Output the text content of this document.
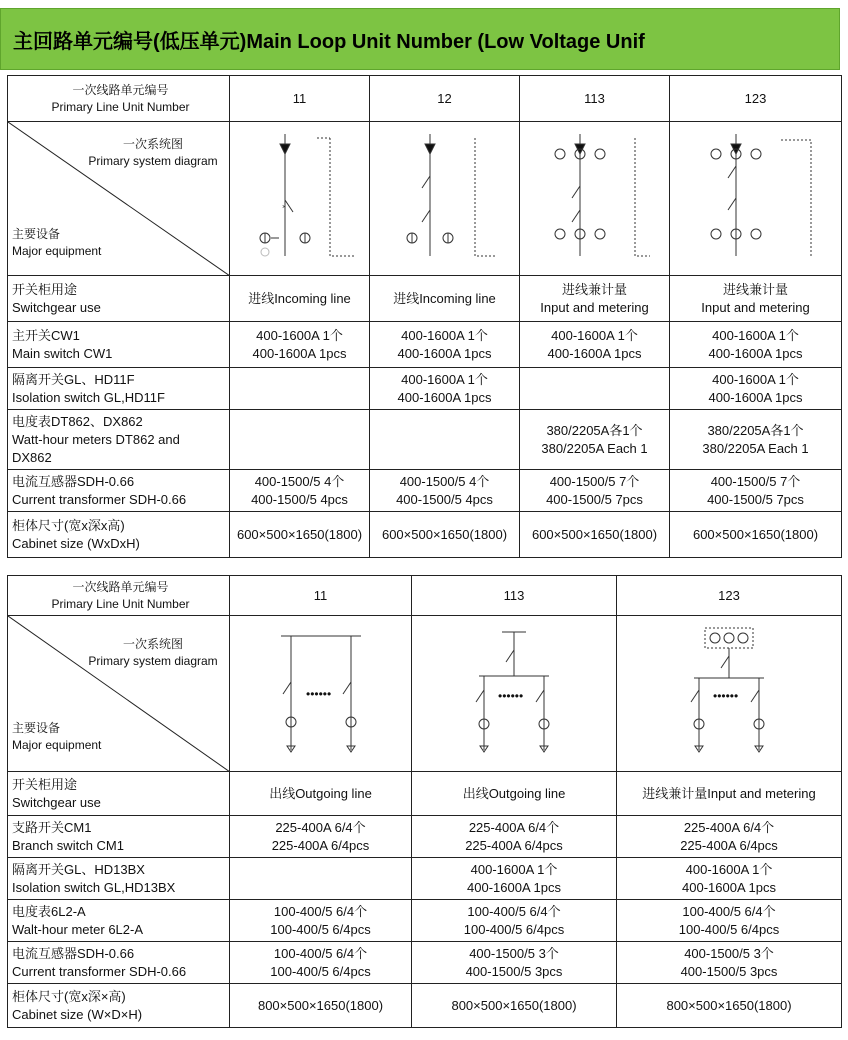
主回路单元编号(低压单元)Main Loop Unit Number (Low Voltage Unif
一次线路单元编号
Primary Line Unit Number	11	12	113	123

一次系统图
Primary system diagram
主要设备
Major equipment	×

开关柜用途
Switchgear use	进线Incoming line	进线Incoming line	进线兼计量
Input and metering	进线兼计量
Input and metering

主开关CW1
Main switch CW1	400-1600A 1个
400-1600A 1pcs	400-1600A 1个
400-1600A 1pcs	400-1600A 1个
400-1600A 1pcs	400-1600A 1个
400-1600A 1pcs

隔离开关GL、HD11F
Isolation switch GL,HD11F		400-1600A 1个
400-1600A 1pcs		400-1600A 1个
400-1600A 1pcs

电度表DT862、DX862
Watt-hour meters DT862 and
DX862			380/2205A各1个
380/2205A Each 1	380/2205A各1个
380/2205A Each 1

电流互感器SDH-0.66
Current transformer SDH-0.66	400-1500/5 4个
400-1500/5 4pcs	400-1500/5 4个
400-1500/5 4pcs	400-1500/5 7个
400-1500/5 7pcs	400-1500/5 7个
400-1500/5 7pcs

柜体尺寸(宽x深x高)
Cabinet size (WxDxH)	600×500×1650(1800)	600×500×1650(1800)	600×500×1650(1800)	600×500×1650(1800)
一次线路单元编号
Primary Line Unit Number	11	113	123

一次系统图
Primary system diagram
主要设备
Major equipment	••••••	••••••	••••••

开关柜用途
Switchgear use	出线Outgoing line	出线Outgoing line	进线兼计量Input and metering

支路开关CM1
Branch switch CM1	225-400A 6/4个
225-400A 6/4pcs	225-400A 6/4个
225-400A 6/4pcs	225-400A 6/4个
225-400A 6/4pcs

隔离开关GL、HD13BX
Isolation switch GL,HD13BX		400-1600A 1个
400-1600A 1pcs	400-1600A 1个
400-1600A 1pcs

电度表6L2-A
Walt-hour meter 6L2-A	100-400/5 6/4个
100-400/5 6/4pcs	100-400/5 6/4个
100-400/5 6/4pcs	100-400/5 6/4个
100-400/5 6/4pcs

电流互感器SDH-0.66
Current transformer SDH-0.66	100-400/5 6/4个
100-400/5 6/4pcs	400-1500/5 3个
400-1500/5 3pcs	400-1500/5 3个
400-1500/5 3pcs

柜体尺寸(宽x深×高)
Cabinet size (W×D×H)	800×500×1650(1800)	800×500×1650(1800)	800×500×1650(1800)
